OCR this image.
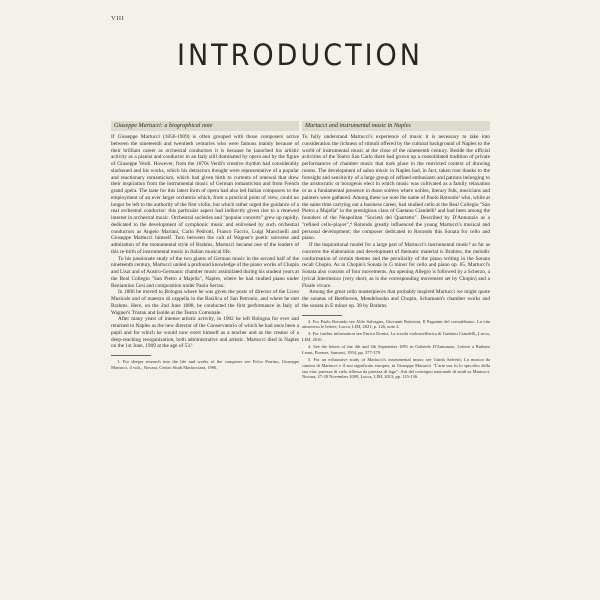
VIII
INTRODUCTION
Giuseppe Martucci: a biographical note

If Giuseppe Martucci (1856-1909) is often grouped with those composers active between the nineteenth and twentieth centuries who were famous mainly because of their brilliant career as orchestral conductors it is because he launched his artistic activity as a pianist and conductor in an Italy still dominated by opera and by the figure of Giuseppe Verdi. However, from the 1870s Verdi's creative rhythm had considerably slackened and his works, which his detractors thought were representative of a popular and reactionary romanticism, which had given birth to currents of renewal that drew their inspiration from the instrumental music of German romanticism and from French grand opéra. The taste for this latest form of opera had also led Italian composers to the employment of an ever larger orchestra which, from a practical point of view, could no longer be left to the authority of the first violin, but which rather urged the guidance of a real orchestral conductor: this particular aspect had indirectly given rise to a renewed interest in orchestral music. Orchestral societies and "popular concerts" grew up rapidly, dedicated to the development of symphonic music and enlivened by such orchestral conductors as Angelo Mariani, Carlo Pedrotti, Franco Faccio, Luigi Mancinelli and Giuseppe Martucci himself. Torn between the cult of Wagner's poetic universe and admiration of the monumental style of Brahms, Martucci became one of the leaders of this re-birth of instrumental music in Italian musical life.

To his passionate study of the two giants of German music in the second half of the nineteenth century, Martucci united a profound knowledge of the piano works of Chopin and Liszt and of Austro-Germanic chamber music assimilated during his student years at the Real Collegio "San Pietro a Majella", Naples, where he had studied piano under Beniamino Cesi and composition under Paolo Serrao.

In 1886 he moved to Bologna where he was given the posts of director of the Liceo Musicale and of maestro di cappella in the Basilica of San Petronio, and where he met Brahms. Here, on the 2nd June 1888, he conducted the first performance in Italy of Wagner's Tristan and Isolde at the Teatro Comunale.

After many years of intense artistic activity, in 1902 he left Bologna for ever and returned to Naples as the new director of the Conservatorio of which he had once been a pupil and for which he would now exert himself as a teacher and as the creator of a deep-reaching reorganization, both administrative and artistic. Martucci died in Naples on the 1st June, 1909 at the age of 53.¹

1. For deeper research into the life and works of the composer see Folco Perrino, Giuseppe Martucci. 4 vols., Novara, Centro Studi Martucciani, 1996.

Martucci and instrumental music in Naples

To fully understand Martucci's experience of music it is necessary to take into consideration the richness of stimuli offered by the cultural background of Naples to the world of instrumental music at the close of the nineteenth century. Beside the official activities of the Teatro San Carlo there had grown up a consolidated tradition of private performances of chamber music that took place in the restricted context of drawing rooms. The development of salon music in Naples had, in fact, taken root thanks to the foresight and sensitivity of a large group of refined enthusiasts and patrons belonging to the aristocratic or bourgeois elect in which music was cultivated as a family relaxation or as a fundamental presence in those soirées where nobles, literary folk, musicians and painters were gathered. Among these we note the name of Paolo Rotondo² who, while at the same time carrying out a business career, had studied cello at the Real Collegio "San Pietro a Majella" in the prestigious class of Gaetano Ciandelli³ and had been among the founders of the Neapolitan "Società del Quartetto". Described by D'Annunzio as a "refined cello-player",⁴ Rotondo greatly influenced the young Martucci's musical and personal development; the composer dedicated to Rotondo this Sonata for cello and piano.

If the inspirational model for a large part of Martucci's instrumental music⁵ as far as concerns the elaboration and development of thematic material is Brahms, the melodic conformation of certain themes and the peculiarity of the piano writing in the Sonata recall Chopin. As in Chopin's Sonata in G minor for cello and piano op. 65, Martucci's Sonata also consists of four movements. An opening Allegro is followed by a Scherzo, a lyrical Intermezzo (very short, as is the corresponding movement set by Chopin) and a Finale vivace.

Among the great cello masterpieces that probably inspired Martucci we might quote the sonatas of Beethoven, Mendelssohn and Chopin, Schumann's chamber works and the sonata in E minor op. 38 by Brahms.

2. For Paolo Rotondo see Aldo Salvagno, Giovanni Bottesini, Il Paganini del contrabbasso. La vita attraverso le lettere, Lucca, LIM, 2021, p. 126, note 2.

3. For further information see Enrica Donisi, La scuola violoncellistica di Gaetano Ciandelli, Lucca, LIM, 2016.

4. See the letters of the 4th and 5th September 1891 in Gabriele D'Annunzio, Lettere a Barbara Leoni, Firenze, Sansoni, 1954, pp. 377-379.

5. For an exhaustive study of Martucci's instrumental music see Guido Salvetti, La musica da camera di Martucci e il suo significato europeo, in Giuseppe Martucci "L'arte sua fu lo specchio della sua vita: purezza di cielo riflessa da purezza di lago". Atti del convegno nazionale di studi su Martucci, Novara, 27-28 November 2009, Lucca, LIM, 2013, pp. 115-136.
